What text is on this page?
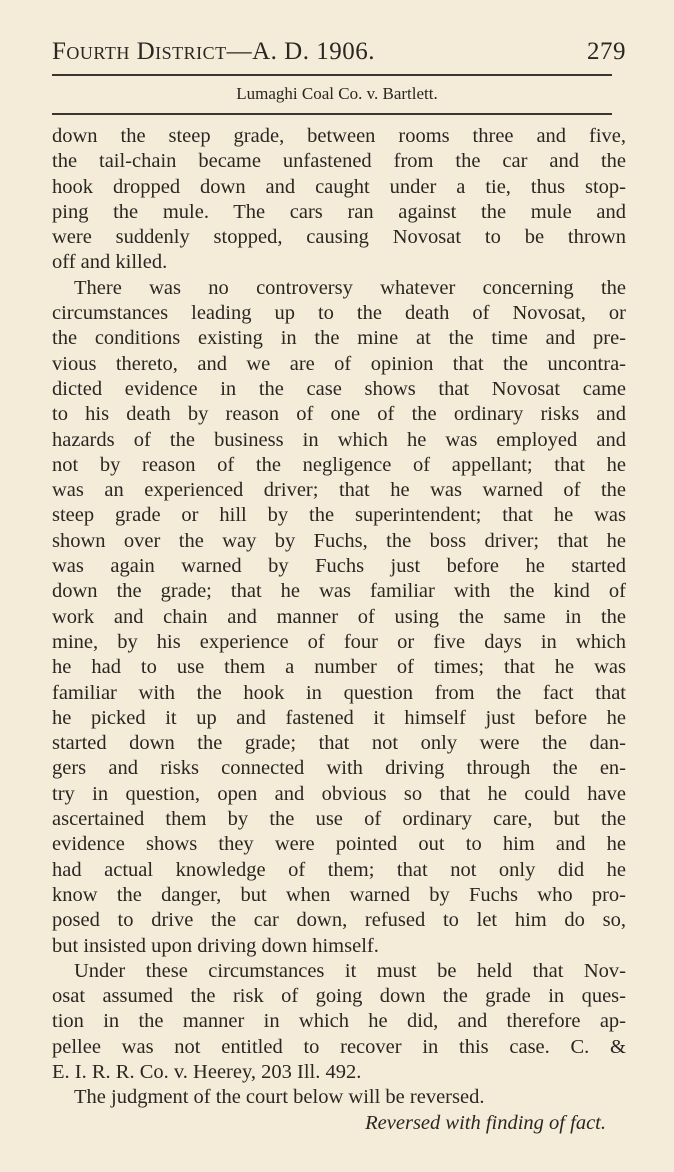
Fourth District—A. D. 1906.	279
Lumaghi Coal Co. v. Bartlett.
down the steep grade, between rooms three and five,
the tail-chain became unfastened from the car and the
hook dropped down and caught under a tie, thus stop-
ping the mule. The cars ran against the mule and
were suddenly stopped, causing Novosat to be thrown
off and killed.
There was no controversy whatever concerning the
circumstances leading up to the death of Novosat, or
the conditions existing in the mine at the time and pre-
vious thereto, and we are of opinion that the uncontra-
dicted evidence in the case shows that Novosat came
to his death by reason of one of the ordinary risks and
hazards of the business in which he was employed and
not by reason of the negligence of appellant; that he
was an experienced driver; that he was warned of the
steep grade or hill by the superintendent; that he was
shown over the way by Fuchs, the boss driver; that he
was again warned by Fuchs just before he started
down the grade; that he was familiar with the kind of
work and chain and manner of using the same in the
mine, by his experience of four or five days in which
he had to use them a number of times; that he was
familiar with the hook in question from the fact that
he picked it up and fastened it himself just before he
started down the grade; that not only were the dan-
gers and risks connected with driving through the en-
try in question, open and obvious so that he could have
ascertained them by the use of ordinary care, but the
evidence shows they were pointed out to him and he
had actual knowledge of them; that not only did he
know the danger, but when warned by Fuchs who pro-
posed to drive the car down, refused to let him do so,
but insisted upon driving down himself.
Under these circumstances it must be held that Nov-
osat assumed the risk of going down the grade in ques-
tion in the manner in which he did, and therefore ap-
pellee was not entitled to recover in this case. C. &
E. I. R. R. Co. v. Heerey, 203 Ill. 492.
The judgment of the court below will be reversed.
Reversed with finding of fact.
